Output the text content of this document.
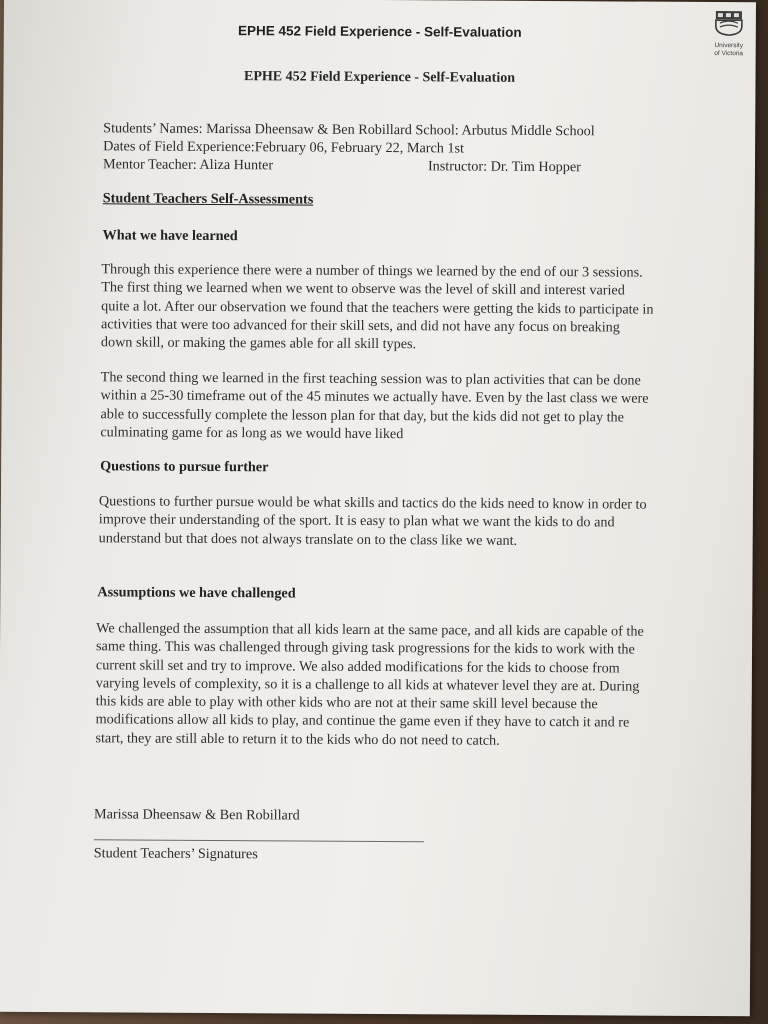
EPHE 452 Field Experience - Self-Evaluation
University
of Victoria
EPHE 452 Field Experience - Self-Evaluation
Students’ Names: Marissa Dheensaw & Ben Robillard School: Arbutus Middle School
Dates of Field Experience:February 06, February 22, March 1st
Mentor Teacher: Aliza Hunter	Instructor: Dr. Tim Hopper
Student Teachers Self-Assessments
What we have learned
Through this experience there were a number of things we learned by the end of our 3 sessions.
The first thing we learned when we went to observe was the level of skill and interest varied
quite a lot. After our observation we found that the teachers were getting the kids to participate in
activities that were too advanced for their skill sets, and did not have any focus on breaking
down skill, or making the games able for all skill types.
The second thing we learned in the first teaching session was to plan activities that can be done
within a 25-30 timeframe out of the 45 minutes we actually have. Even by the last class we were
able to successfully complete the lesson plan for that day, but the kids did not get to play the
culminating game for as long as we would have liked
Questions to pursue further
Questions to further pursue would be what skills and tactics do the kids need to know in order to
improve their understanding of the sport. It is easy to plan what we want the kids to do and
understand but that does not always translate on to the class like we want.
Assumptions we have challenged
We challenged the assumption that all kids learn at the same pace, and all kids are capable of the
same thing. This was challenged through giving task progressions for the kids to work with the
current skill set and try to improve. We also added modifications for the kids to choose from
varying levels of complexity, so it is a challenge to all kids at whatever level they are at. During
this kids are able to play with other kids who are not at their same skill level because the
modifications allow all kids to play, and continue the game even if they have to catch it and re
start, they are still able to return it to the kids who do not need to catch.
Marissa Dheensaw & Ben Robillard
Student Teachers’ Signatures
